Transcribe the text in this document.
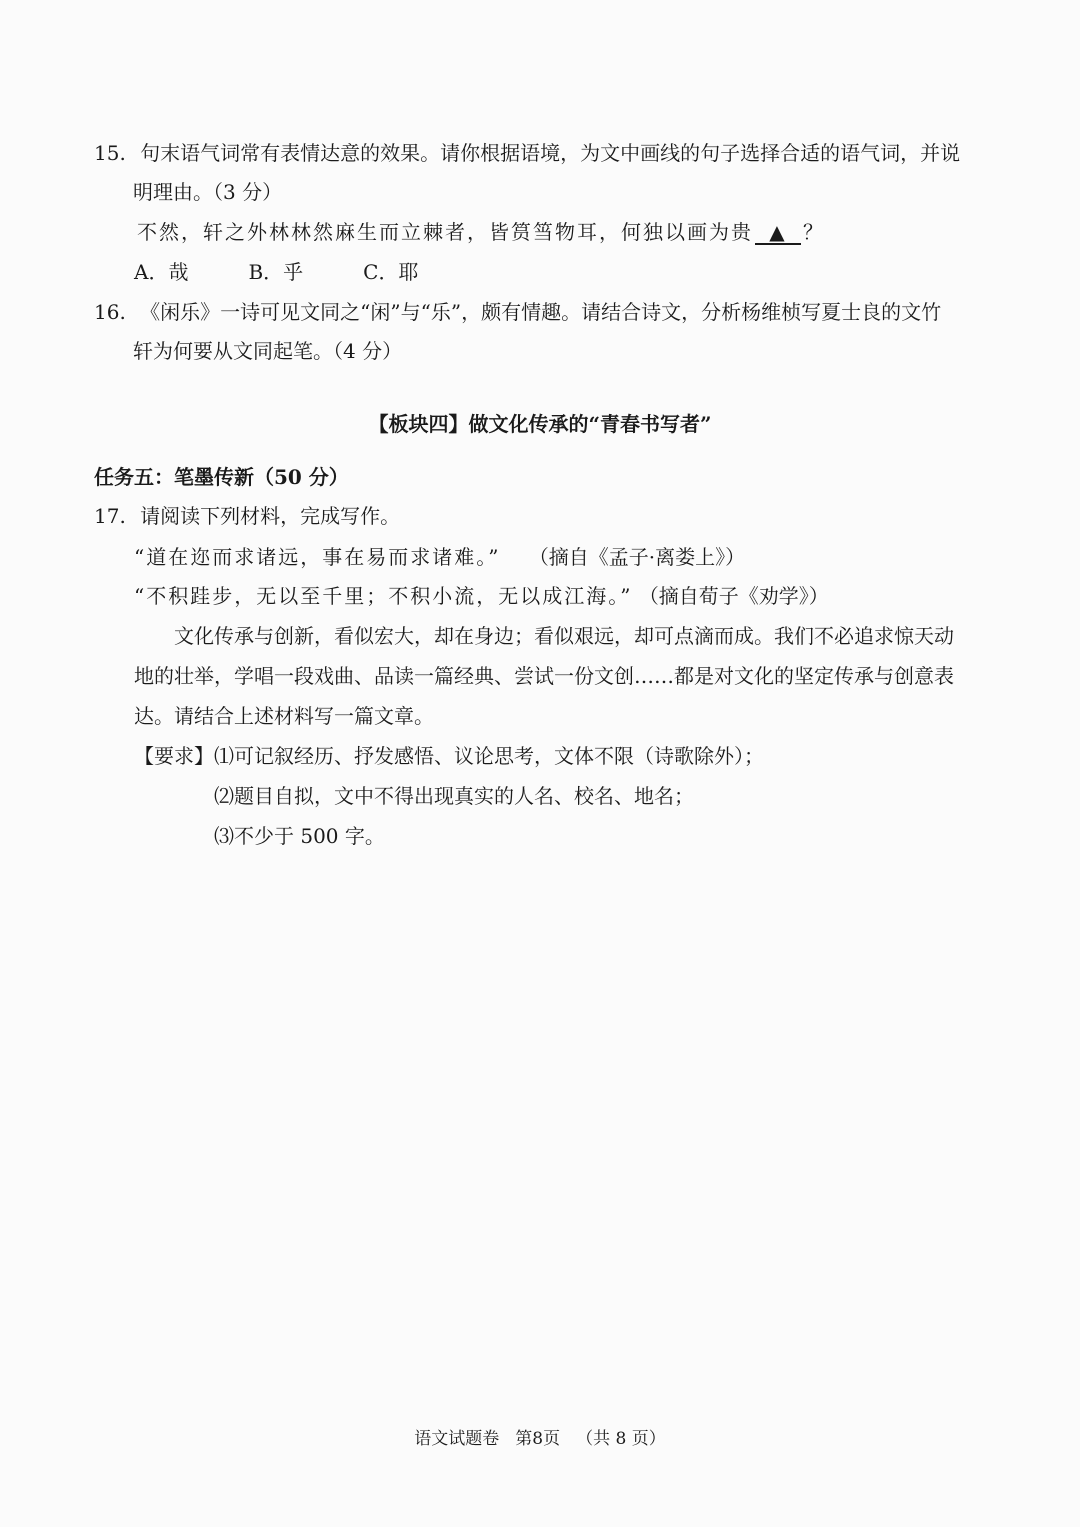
15. 句末语气词常有表情达意的效果。请你根据语境，为文中画线的句子选择合适的语气词，并说
明理由。（3 分）
不然，轩之外林林然麻生而立棘者，皆筼筜物耳，何独以画为贵 ▲ ？
A．哉	B．乎	C．耶
16. 《闲乐》一诗可见文同之“闲”与“乐”，颇有情趣。请结合诗文，分析杨维桢写夏士良的文竹
轩为何要从文同起笔。（4 分）
【板块四】做文化传承的“青春书写者”
任务五：笔墨传新（50 分）
17. 请阅读下列材料，完成写作。
“道在迩而求诸远，事在易而求诸难。” （摘自《孟子·离娄上》）
“不积跬步，无以至千里；不积小流，无以成江海。” （摘自荀子《劝学》）
文化传承与创新，看似宏大，却在身边；看似艰远，却可点滴而成。我们不必追求惊天动
地的壮举，学唱一段戏曲、品读一篇经典、尝试一份文创……都是对文化的坚定传承与创意表
达。请结合上述材料写一篇文章。
【要求】⑴可记叙经历、抒发感悟、议论思考，文体不限（诗歌除外）；
⑵题目自拟，文中不得出现真实的人名、校名、地名；
⑶不少于 500 字。
语文试题卷 第8页 （共 8 页）
